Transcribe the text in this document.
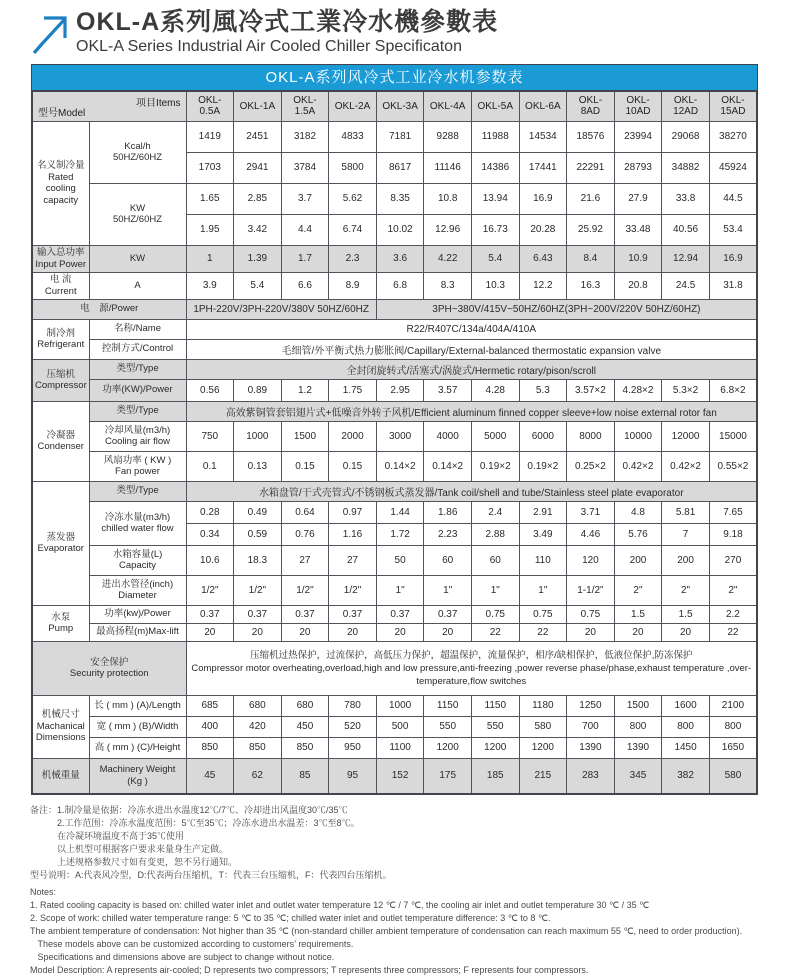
OKL-A系列風冷式工業冷水機參數表
OKL-A Series Industrial Air Cooled Chiller Specificaton
OKL-A系列风冷式工业冷水机参数表
项目Items
型号Model		OKL-0.5A	OKL-1A	OKL-1.5A	OKL-2A	OKL-3A	OKL-4A	OKL-5A	OKL-6A	OKL-8AD	OKL-10AD	OKL-12AD	OKL-15AD
名义制冷量
Rated
cooling
capacity	Kcal/h
50HZ/60HZ	1419	2451	3182	4833	7181	9288	11988	14534	18576	23994	29068	38270
		1703	2941	3784	5800	8617	11146	14386	17441	22291	28793	34882	45924
	KW
50HZ/60HZ	1.65	2.85	3.7	5.62	8.35	10.8	13.94	16.9	21.6	27.9	33.8	44.5
		1.95	3.42	4.4	6.74	10.02	12.96	16.73	20.28	25.92	33.48	40.56	53.4
输入总功率
Input Power	KW	1	1.39	1.7	2.3	3.6	4.22	5.4	6.43	8.4	10.9	12.94	16.9
电 流
Current	A	3.9	5.4	6.6	8.9	6.8	8.3	10.3	12.2	16.3	20.8	24.5	31.8
电　源/Power		1PH-220V/3PH-220V/380V 50HZ/60HZ				3PH~380V/415V~50HZ/60HZ(3PH~200V/220V 50HZ/60HZ)							
制冷剂
Refrigerant	名称/Name	R22/R407C/134a/404A/410A											
	控制方式/Control	毛细管/外平衡式热力膨胀阀/Capillary/External-balanced thermostatic expansion valve											
压缩机
Compressor	类型/Type	全封闭旋转式/活塞式/涡旋式/Hermetic rotary/pison/scroll											
	功率(KW)/Power	0.56	0.89	1.2	1.75	2.95	3.57	4.28	5.3	3.57×2	4.28×2	5.3×2	6.8×2
冷凝器
Condenser	类型/Type	高效紫铜管套铝翅片式+低噪音外转子风机/Efficient aluminum finned copper sleeve+low noise external rotor fan											
	冷却风量(m3/h)
Cooling air flow	750	1000	1500	2000	3000	4000	5000	6000	8000	10000	12000	15000
	风扇功率 ( KW )
Fan power	0.1	0.13	0.15	0.15	0.14×2	0.14×2	0.19×2	0.19×2	0.25×2	0.42×2	0.42×2	0.55×2
蒸发器
Evaporator	类型/Type	水箱盘管/干式壳管式/不锈钢板式蒸发器/Tank coil/shell and tube/Stainless steel plate evaporator											
	冷冻水量(m3/h)
chilled water flow	0.28	0.49	0.64	0.97	1.44	1.86	2.4	2.91	3.71	4.8	5.81	7.65
		0.34	0.59	0.76	1.16	1.72	2.23	2.88	3.49	4.46	5.76	7	9.18
	水箱容量(L)
Capacity	10.6	18.3	27	27	50	60	60	110	120	200	200	270
	进出水管径(inch)
Diameter	1/2"	1/2"	1/2"	1/2"	1"	1"	1"	1"	1-1/2"	2"	2"	2"
水泵
Pump	功率(kw)/Power	0.37	0.37	0.37	0.37	0.37	0.37	0.75	0.75	0.75	1.5	1.5	2.2
	最高扬程(m)Max-lift	20	20	20	20	20	20	22	22	20	20	20	22
安全保护
Security protection		压缩机过热保护，过流保护，高低压力保护，超温保护，流量保护，相序/缺相保护，低液位保护,防冻保护
Compressor motor overheating,overload,high and low pressure,anti-freezing ,power reverse phase/phase,exhaust temperature ,over-temperature,flow switches											
机械尺寸
Machanical
Dimensions	长 ( mm ) (A)/Length	685	680	680	780	1000	1150	1150	1180	1250	1500	1600	2100
	宽 ( mm ) (B)/Width	400	420	450	520	500	550	550	580	700	800	800	800
	高 ( mm ) (C)/Height	850	850	850	950	1100	1200	1200	1200	1390	1390	1450	1650
机械重量	Machinery Weight
(Kg )	45	62	85	95	152	175	185	215	283	345	382	580
备注：1.制冷量是依据：冷冻水进出水温度12℃/7℃、冷却进出风温度30℃/35℃
　　　2.工作范围：冷冻水温度范围：5℃至35℃；冷冻水进出水温差：3℃至8℃。
　　　在冷凝环境温度不高于35℃使用
　　　以上机型可根据客户要求来量身生产定做。
　　　上述规格参数尺寸如有变更，恕不另行通知。
型号说明：A:代表风冷型，D:代表两台压缩机，T：代表三台压缩机，F：代表四台压缩机。
Notes:
1. Rated cooling capacity is based on: chilled water inlet and outlet water temperature 12 ℃ / 7 ℃, the cooling air inlet and outlet temperature 30 ℃ / 35 ℃
2. Scope of work: chilled water temperature range: 5 ℃ to 35 ℃; chilled water inlet and outlet temperature difference: 3 ℃ to 8 ℃.
The ambient temperature of condensation: Not higher than 35 ℃ (non-standard chiller ambient temperature of condensation can reach maximum 55 ℃, need to order production).
These models above can be customized according to customers’ requirements.
Specifications and dimensions above are subject to change without notice.
Model Description: A represents air-cooled; D represents two compressors; T represents three compressors; F represents four compressors.
